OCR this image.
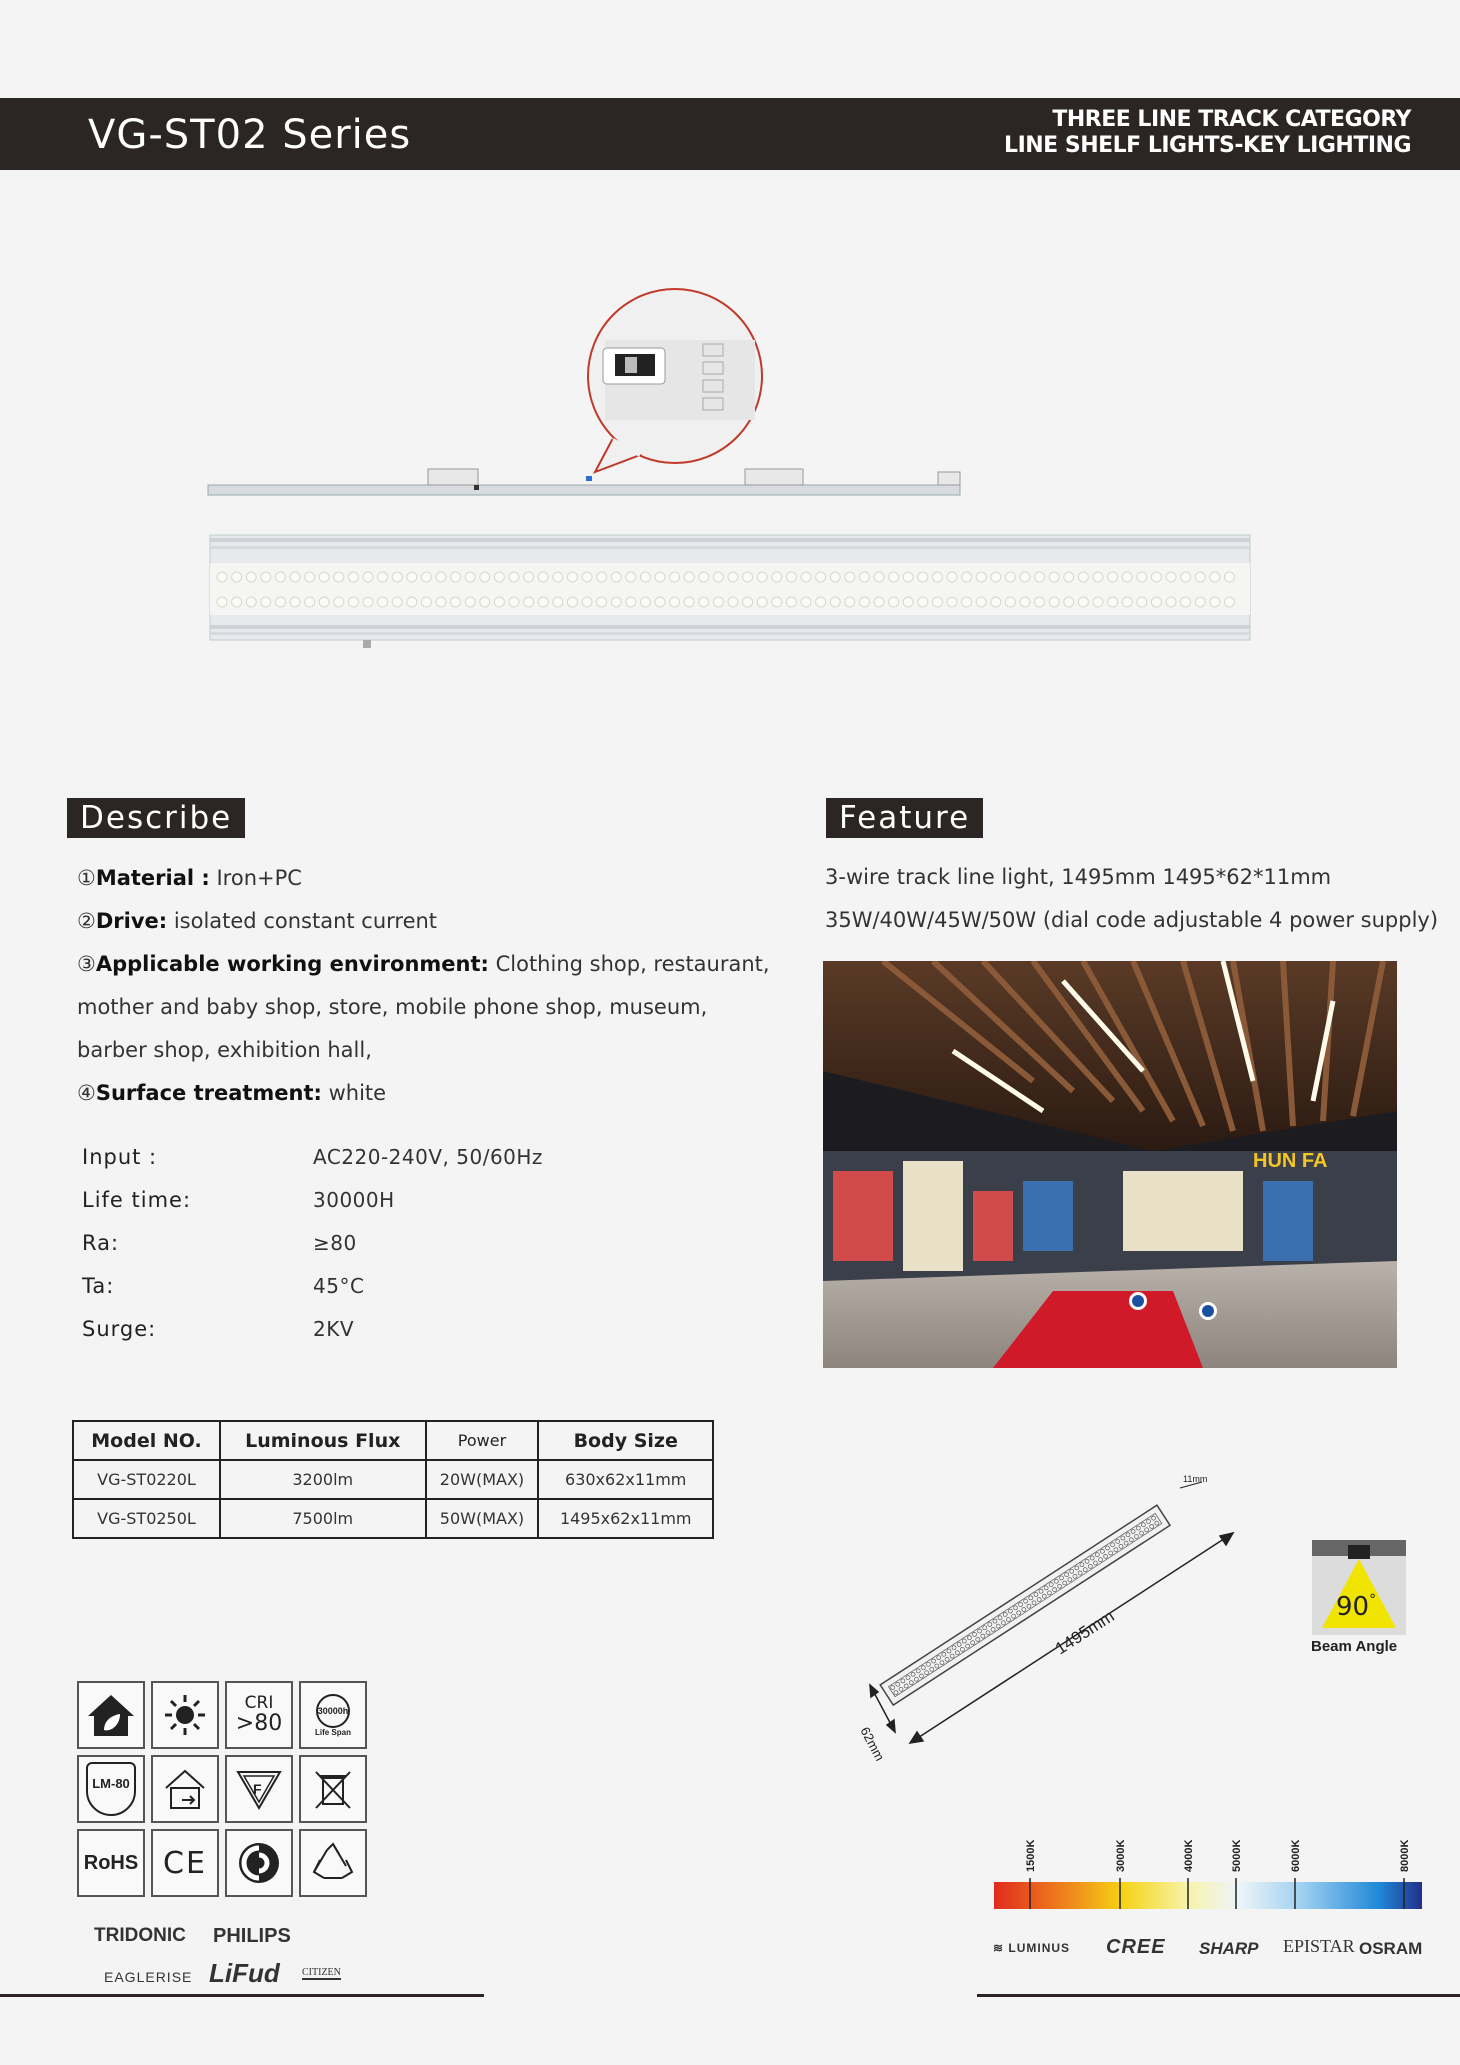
VG-ST02 Series	THREE LINE TRACK CATEGORY
LINE SHELF LIGHTS-KEY LIGHTING
Describe
①Material : Iron+PC
②Drive: isolated constant current
③Applicable working environment: Clothing shop, restaurant,
mother and baby shop, store, mobile phone shop, museum,
barber shop, exhibition hall,
④Surface treatment: white
Input :	AC220-240V, 50/60Hz
Life time:	30000H
Ra:	≥80
Ta:	45°C
Surge:	2KV
Feature
3-wire track line light, 1495mm 1495*62*11mm
35W/40W/45W/50W (dial code adjustable 4 power supply)
HUN FA
Model NO.	Luminous Flux	Power	Body Size
VG-ST0220L	3200lm	20W(MAX)	630x62x11mm
VG-ST0250L	7500lm	50W(MAX)	1495x62x11mm
1495mm
62mm
11mm
90°
Beam Angle
CRI
>80
30000h
Life Span
LM-80	F
RoHS CE
TRIDONIC PHILIPS
EAGLERISE LiFud CITIZEN
1500K	3000K	4000K	5000K	6000K	8000K
≋ LUMINUS CREE SHARP EPISTAR OSRAM
